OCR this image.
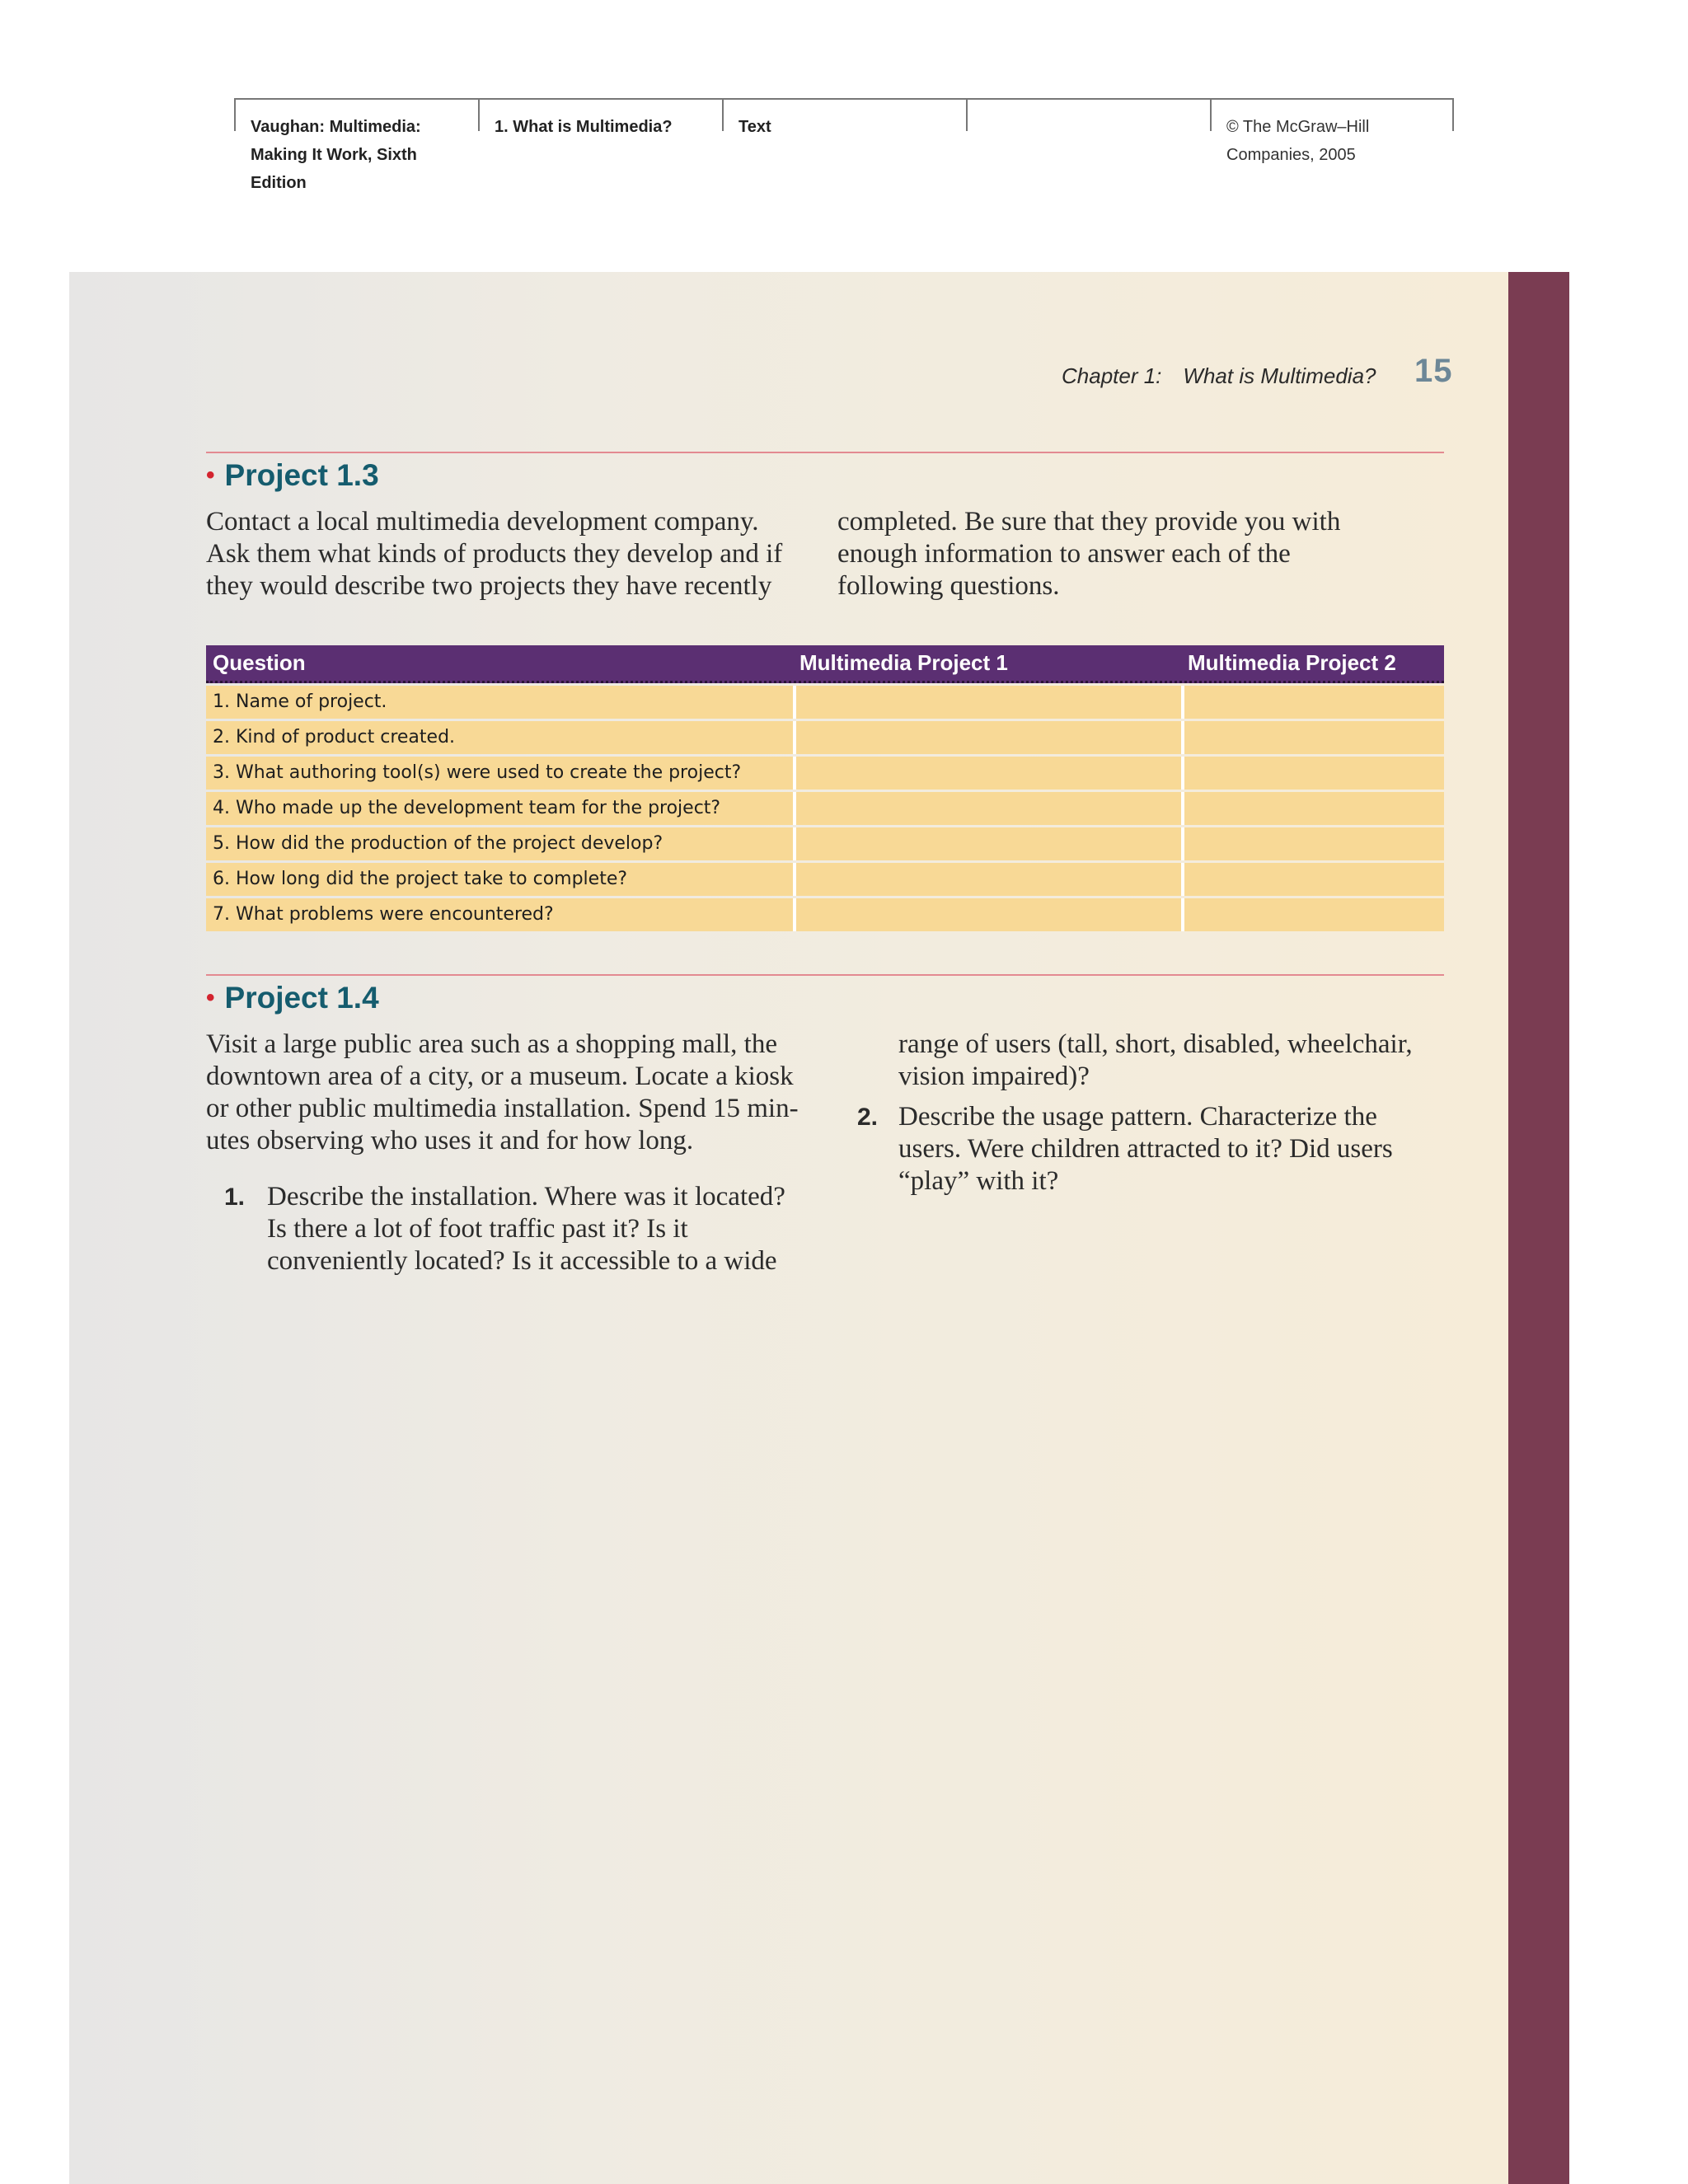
Vaughan: Multimedia:
Making It Work, Sixth
Edition
1. What is Multimedia?	Text	© The McGraw–Hill
Companies, 2005
Chapter 1: What is Multimedia? 15
• Project 1.3
Contact a local multimedia development company.
Ask them what kinds of products they develop and if
they would describe two projects they have recently
completed. Be sure that they provide you with
enough information to answer each of the
following questions.
Question	Multimedia Project 1	Multimedia Project 2
1. Name of project.
2. Kind of product created.
3. What authoring tool(s) were used to create the project?
4. Who made up the development team for the project?
5. How did the production of the project develop?
6. How long did the project take to complete?
7. What problems were encountered?
• Project 1.4
Visit a large public area such as a shopping mall, the
downtown area of a city, or a museum. Locate a kiosk
or other public multimedia installation. Spend 15 min-
utes observing who uses it and for how long.
1. Describe the installation. Where was it located?
Is there a lot of foot traffic past it? Is it
conveniently located? Is it accessible to a wide
range of users (tall, short, disabled, wheelchair,
vision impaired)?
2. Describe the usage pattern. Characterize the
users. Were children attracted to it? Did users
“play” with it?
